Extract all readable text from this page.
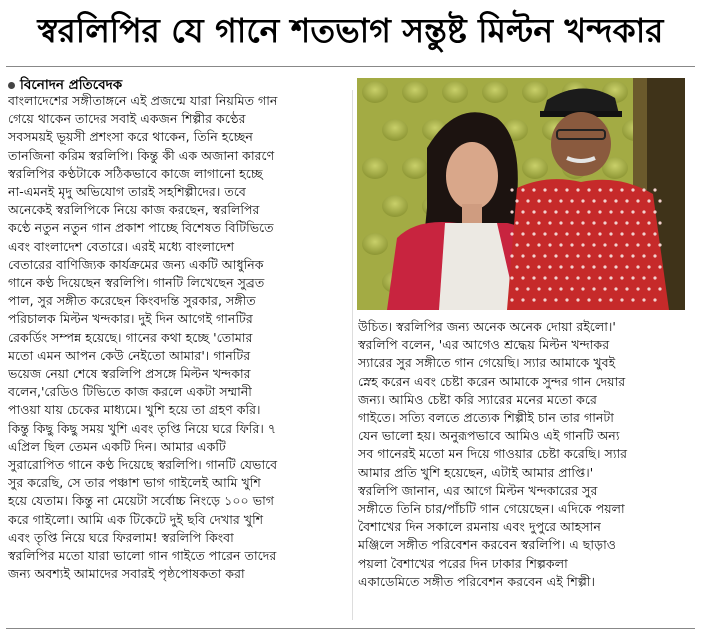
স্বরলিপির যে গানে শতভাগ সন্তুষ্ট মিল্টন খন্দকার
বিনোদন প্রতিবেদক
বাংলাদেশের সঙ্গীতাঙ্গনে এই প্রজন্মে যারা নিয়মিত গান
গেয়ে থাকেন তাদের সবাই একজন শিল্পীর কণ্ঠের
সবসময়ই ভূয়সী প্রশংসা করে থাকেন, তিনি হচ্ছেন
তানজিনা করিম স্বরলিপি। কিন্তু কী এক অজানা কারণে
স্বরলিপির কণ্ঠটাকে সঠিকভাবে কাজে লাগানো হচ্ছে
না-এমনই মৃদু অভিযোগ তারই সহশিল্পীদের। তবে
অনেকেই স্বরলিপিকে নিয়ে কাজ করছেন, স্বরলিপির
কণ্ঠে নতুন নতুন গান প্রকাশ পাচ্ছে বিশেষত বিটিভিতে
এবং বাংলাদেশ বেতারে। এরই মধ্যে বাংলাদেশ
বেতারের বাণিজ্যিক কার্যক্রমের জন্য একটি আধুনিক
গানে কণ্ঠ দিয়েছেন স্বরলিপি। গানটি লিখেছেন সুব্রত
পাল, সুর সঙ্গীত করেছেন কিংবদন্তি সুরকার, সঙ্গীত
পরিচালক মিল্টন খন্দকার। দুই দিন আগেই গানটির
রেকর্ডিং সম্পন্ন হয়েছে। গানের কথা হচ্ছে 'তোমার
মতো এমন আপন কেউ নেইতো আমার'। গানটির
ভয়েজ নেয়া শেষে স্বরলিপি প্রসঙ্গে মিল্টন খন্দকার
বলেন,'রেডিও টিভিতে কাজ করলে একটা সম্মানী
পাওয়া যায় চেকের মাধ্যমে। খুশি হয়ে তা গ্রহণ করি।
কিন্তু কিছু কিছু সময় খুশি এবং তৃপ্তি নিয়ে ঘরে ফিরি। ৭
এপ্রিল ছিল তেমন একটি দিন। আমার একটি
সুরারোপিত গানে কণ্ঠ দিয়েছে স্বরলিপি। গানটি যেভাবে
সুর করেছি, সে তার পঞ্চাশ ভাগ গাইলেই আমি খুশি
হয়ে যেতাম। কিন্তু না মেয়েটা সর্বোচ্চ নিংড়ে ১০০ ভাগ
করে গাইলো। আমি এক টিকেটে দুই ছবি দেখার খুশি
এবং তৃপ্তি নিয়ে ঘরে ফিরলাম! স্বরলিপি কিংবা
স্বরলিপির মতো যারা ভালো গান গাইতে পারেন তাদের
জন্য অবশ্যই আমাদের সবারই পৃষ্ঠপোষকতা করা
উচিত। স্বরলিপির জন্য অনেক অনেক দোয়া রইলো।'
স্বরলিপি বলেন, 'এর আগেও শ্রদ্ধেয় মিল্টন খন্দাকর
স্যারের সুর সঙ্গীতে গান গেয়েছি। স্যার আমাকে খুবই
স্নেহ করেন এবং চেষ্টা করেন আমাকে সুন্দর গান দেয়ার
জন্য। আমিও চেষ্টা করি স্যারের মনের মতো করে
গাইতে। সত্যি বলতে প্রত্যেক শিল্পীই চান তার গানটা
যেন ভালো হয়। অনুরূপভাবে আমিও এই গানটি অন্য
সব গানেরই মতো মন দিয়ে গাওয়ার চেষ্টা করেছি। স্যার
আমার প্রতি খুশি হয়েছেন, এটাই আমার প্রাপ্তি।'
স্বরলিপি জানান, এর আগে মিল্টন খন্দকারের সুর
সঙ্গীতে তিনি চার/পাঁচটি গান গেয়েছেন। এদিকে পয়লা
বৈশাখের দিন সকালে রমনায় এবং দুপুরে আহসান
মঞ্জিলে সঙ্গীত পরিবেশন করবেন স্বরলিপি। এ ছাড়াও
পয়লা বৈশাখের পরের দিন ঢাকার শিল্পকলা
একাডেমিতে সঙ্গীত পরিবেশন করবেন এই শিল্পী।
